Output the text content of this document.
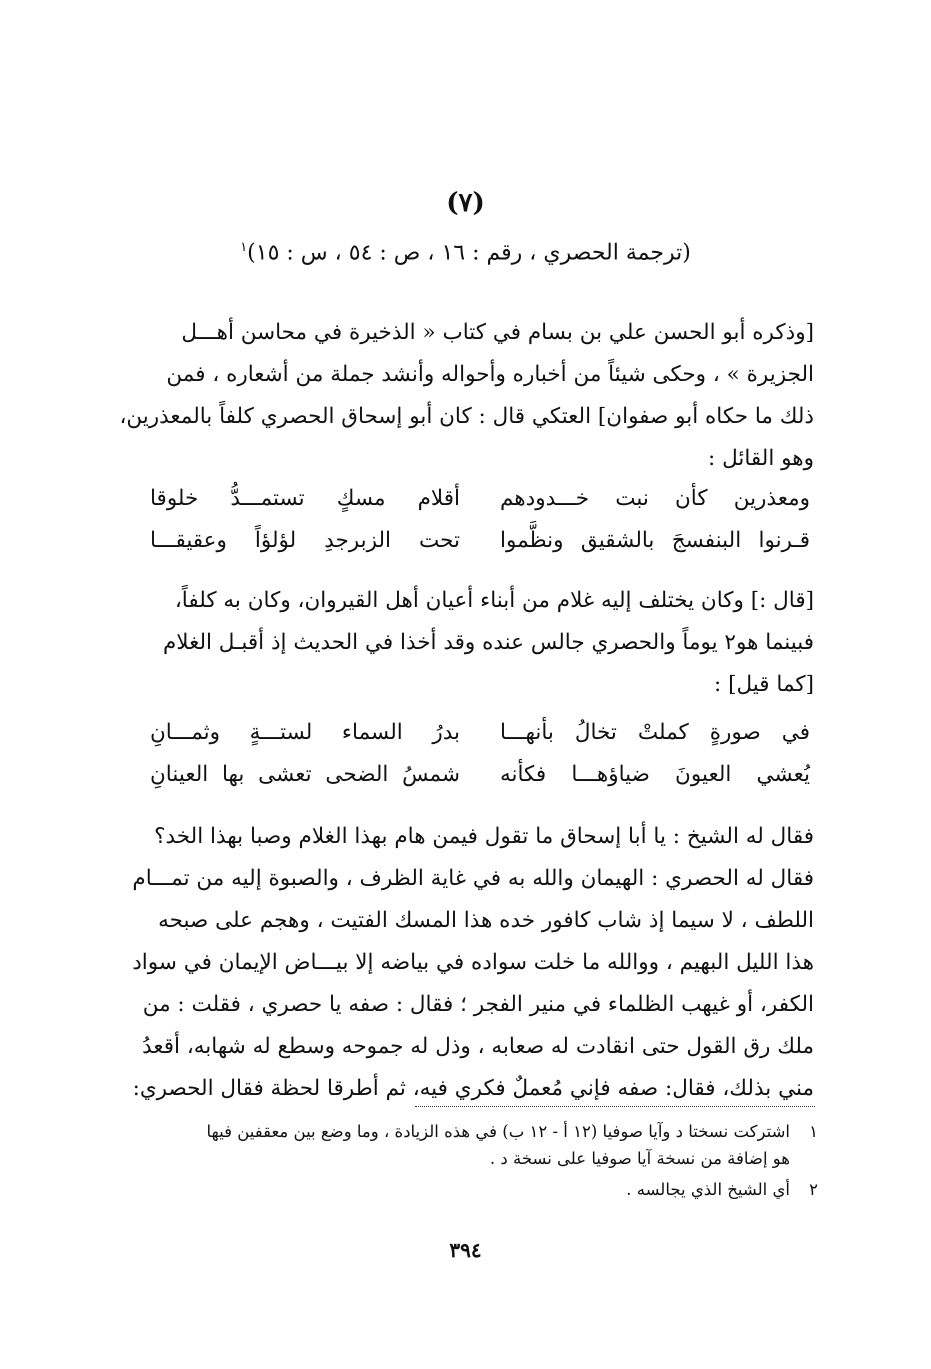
(٧)
(ترجمة الحصري ، رقم : ١٦ ، ص : ٥٤ ، س : ١٥)$^١$

[وذكره أبو الحسن علي بن بسام في كتاب « الذخيرة في محاسن أهـــل

الجزيرة » ، وحكى شيئاً من أخباره وأحواله وأنشد جملة من أشعاره ، فمن

ذلك ما حكاه أبو صفوان] العتكي قال : كان أبو إسحاق الحصري كلفاً بالمعذرين،

وهو القائل :

ومعذرين كأن نبت خـــدودهم
أقلام مسكٍ تستمـــدُّ خلوقا
قـرنوا البنفسجَ بالشقيق ونظَّموا
تحت الزبرجدِ لؤلؤاً وعقيقـــا

[قال :] وكان يختلف إليه غلام من أبناء أعيان أهل القيروان، وكان به كلفاً،

فبينما هو٢ يوماً والحصري جالس عنده وقد أخذا في الحديث إذ أقبـل الغلام

[كما قيل] :

في صورةٍ كملتْ تخالُ بأنهـــا
بدرُ السماء لستـــةٍ وثمـــانِ
يُعشي العيونَ ضياؤهـــا فكأنه
شمسُ الضحى تعشى بها العينانِ

فقال له الشيخ : يا أبا إسحاق ما تقول فيمن هام بهذا الغلام وصبا بهذا الخد؟

فقال له الحصري : الهيمان والله به في غاية الظرف ، والصبوة إليه من تمـــام

اللطف ، لا سيما إذ شاب كافور خده هذا المسك الفتيت ، وهجم على صبحه

هذا الليل البهيم ، ووالله ما خلت سواده في بياضه إلا بيـــاض الإيمان في سواد

الكفر، أو غيهب الظلماء في منير الفجر ؛ فقال : صفه يا حصري ، فقلت : من

ملك رق القول حتى انقادت له صعابه ، وذل له جموحه وسطع له شهابه، أقعدُ

مني بذلك، فقال: صفه فإني مُعملٌ فكري فيه، ثم أطرقا لحظة فقال الحصري:

١
اشتركت نسختا د وآيا صوفيا (١٢ أ - ١٢ ب) في هذه الزيادة ، وما وضع بين معقفين فيها
هو إضافة من نسخة آيا صوفيا على نسخة د .
٢
أي الشيخ الذي يجالسه .
٣٩٤
